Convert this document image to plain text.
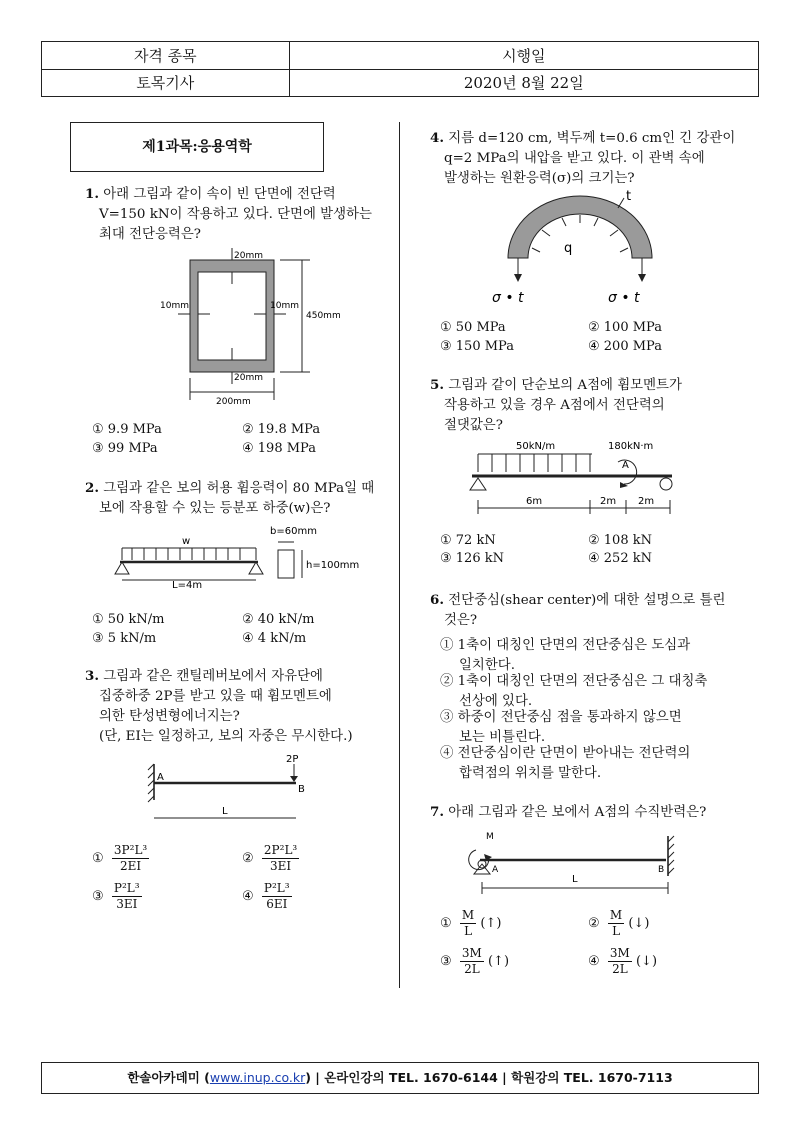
자격 종목	시행일
토목기사	2020년 8월 22일
제1과목:응용역학
1. 아래 그림과 같이 속이 빈 단면에 전단력
V=150 kN이 작용하고 있다. 단면에 발생하는
최대 전단응력은?
20mm
20mm
10mm	10mm
450mm
200mm
① 9.9 MPa	② 19.8 MPa
③ 99 MPa	④ 198 MPa
2. 그림과 같은 보의 허용 휨응력이 80 MPa일 때
보에 작용할 수 있는 등분포 하중(w)은?
w
L=4m
b=60mm
h=100mm
① 50 kN/m	② 40 kN/m
③ 5 kN/m	④ 4 kN/m
3. 그림과 같은 캔틸레버보에서 자유단에
집중하중 2P를 받고 있을 때 휨모멘트에
의한 탄성변형에너지는?
(단, EI는 일정하고, 보의 자중은 무시한다.)
2P
A
B
L
① $\frac{\text{3P²L³}}{2EI}$	② $\frac{\text{2P²L³}}{3EI}$
③ $\frac{\text{P²L³}}{3EI}$	④ $\frac{\text{P²L³}}{6EI}$
4. 지름 d=120 cm, 벽두께 t=0.6 cm인 긴 강관이
q=2 MPa의 내압을 받고 있다. 이 관벽 속에
발생하는 원환응력(σ)의 크기는?
t
q
σ • t	σ • t
① 50 MPa	② 100 MPa
③ 150 MPa	④ 200 MPa
5. 그림과 같이 단순보의 A점에 휨모멘트가
작용하고 있을 경우 A점에서 전단력의
절댓값은?
50kN/m	180kN·m
A
6m	2m 2m
① 72 kN	② 108 kN
③ 126 kN	④ 252 kN
6. 전단중심(shear center)에 대한 설명으로 틀린
것은?
① 1축이 대칭인 단면의 전단중심은 도심과
일치한다.
② 1축이 대칭인 단면의 전단중심은 그 대칭축
선상에 있다.
③ 하중이 전단중심 점을 통과하지 않으면
보는 비틀린다.
④ 전단중심이란 단면이 받아내는 전단력의
합력점의 위치를 말한다.
7. 아래 그림과 같은 보에서 A점의 수직반력은?
M
A	B
L
① $\frac{M}{L}$ (↑)	② $\frac{M}{L}$ (↓)
③ $\frac{3M}{2L}$ (↑)	④ $\frac{3M}{2L}$ (↓)
한솔아카데미 (www.inup.co.kr) | 온라인강의 TEL. 1670-6144 | 학원강의 TEL. 1670-7113
